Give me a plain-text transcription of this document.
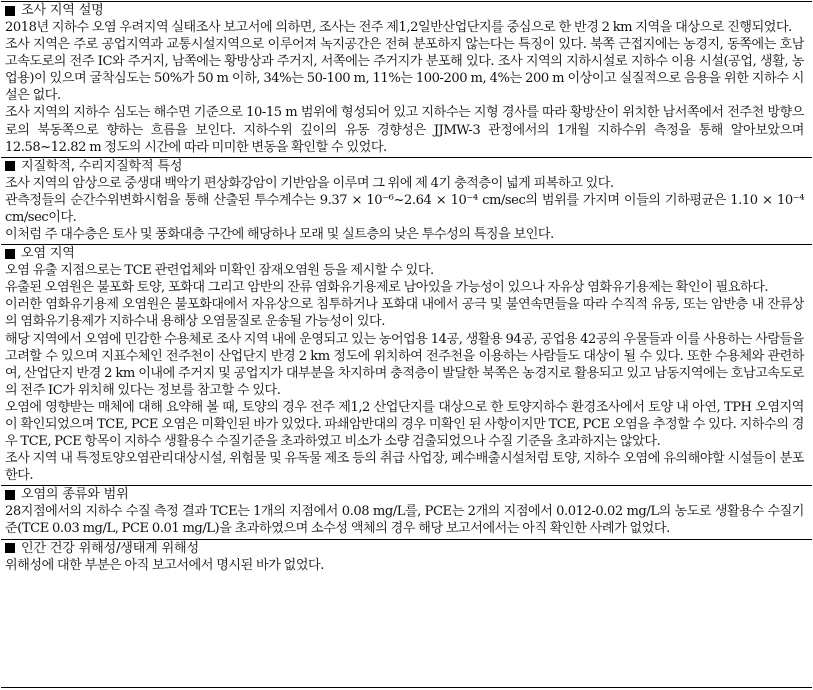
조사 지역 설명

2018년 지하수 오염 우려지역 실태조사 보고서에 의하면, 조사는 전주 제1,2일반산업단지를 중심으로 한 반경 2 km 지역을 대상으로 진행되었다.

조사 지역은 주로 공업지역과 교통시설지역으로 이루어져 녹지공간은 전혀 분포하지 않는다는 특징이 있다. 북쪽 근접지에는 농경지, 동쪽에는 호남고속도로의 전주 IC와 주거지, 남쪽에는 황방상과 주거지, 서쪽에는 주거지가 분포해 있다. 조사 지역의 지하시설로 지하수 이용 시설(공업, 생활, 농업용)이 있으며 굴착심도는 50%가 50 m 이하, 34%는 50-100 m, 11%는 100-200 m, 4%는 200 m 이상이고 실질적으로 음용을 위한 지하수 시설은 없다.

조사 지역의 지하수 심도는 해수면 기준으로 10-15 m 범위에 형성되어 있고 지하수는 지형 경사를 따라 황방산이 위치한 남서쪽에서 전주천 방향으로의 북동쪽으로 향하는 흐름을 보인다. 지하수위 깊이의 유동 경향성은 JJMW-3 관정에서의 1개월 지하수위 측정을 통해 알아보았으며 12.58~12.82 m 정도의 시간에 따라 미미한 변동을 확인할 수 있었다.

지질학적, 수리지질학적 특성

조사 지역의 암상으로 중생대 백악기 편상화강암이 기반암을 이루며 그 위에 제 4기 충적층이 넓게 피복하고 있다.

관측정들의 순간수위변화시험을 통해 산출된 투수계수는 9.37 × 10⁻⁶~2.64 × 10⁻⁴ cm/sec의 범위를 가지며 이들의 기하평균은 1.10 × 10⁻⁴ cm/sec이다.

이처럼 주 대수층은 토사 및 풍화대층 구간에 해당하나 모래 및 실트층의 낮은 투수성의 특징을 보인다.

오염 지역

오염 유출 지점으로는 TCE 관련업체와 미확인 잠재오염원 등을 제시할 수 있다.

유출된 오염원은 불포화 토양, 포화대 그리고 암반의 잔류 염화유기용제로 남아있을 가능성이 있으나 자유상 염화유기용제는 확인이 필요하다.

이러한 염화유기용제 오염원은 불포화대에서 자유상으로 침투하거나 포화대 내에서 공극 및 불연속면들을 따라 수직적 유동, 또는 암반층 내 잔류상의 염화유기용제가 지하수내 용해상 오염물질로 운송될 가능성이 있다.

해당 지역에서 오염에 민감한 수용체로 조사 지역 내에 운영되고 있는 농어업용 14공, 생활용 94공, 공업용 42공의 우물들과 이를 사용하는 사람들을 고려할 수 있으며 지표수체인 전주천이 산업단지 반경 2 km 정도에 위치하여 전주천을 이용하는 사람들도 대상이 될 수 있다. 또한 수용체와 관련하여, 산업단지 반경 2 km 이내에 주거지 및 공업지가 대부분을 차지하며 충적층이 발달한 북쪽은 농경지로 활용되고 있고 남동지역에는 호남고속도로의 전주 IC가 위치해 있다는 정보를 참고할 수 있다.

오염에 영향받는 매체에 대해 요약해 볼 때, 토양의 경우 전주 제1,2 산업단지를 대상으로 한 토양지하수 환경조사에서 토양 내 아연, TPH 오염지역이 확인되었으며 TCE, PCE 오염은 미확인된 바가 있었다. 파쇄암반대의 경우 미확인 된 사항이지만 TCE, PCE 오염을 추정할 수 있다. 지하수의 경우 TCE, PCE 항목이 지하수 생활용수 수질기준을 초과하였고 비소가 소량 검출되었으나 수질 기준을 초과하지는 않았다.

조사 지역 내 특정토양오염관리대상시설, 위험물 및 유독물 제조 등의 취급 사업장, 폐수배출시설처럼 토양, 지하수 오염에 유의해야할 시설들이 분포한다.

오염의 종류와 범위

28지점에서의 지하수 수질 측정 결과 TCE는 1개의 지점에서 0.08 mg/L를, PCE는 2개의 지점에서 0.012-0.02 mg/L의 농도로 생활용수 수질기준(TCE 0.03 mg/L, PCE 0.01 mg/L)을 초과하였으며 소수성 액체의 경우 해당 보고서에서는 아직 확인한 사례가 없었다.

인간 건강 위해성/생태계 위해성

위해성에 대한 부분은 아직 보고서에서 명시된 바가 없었다.
